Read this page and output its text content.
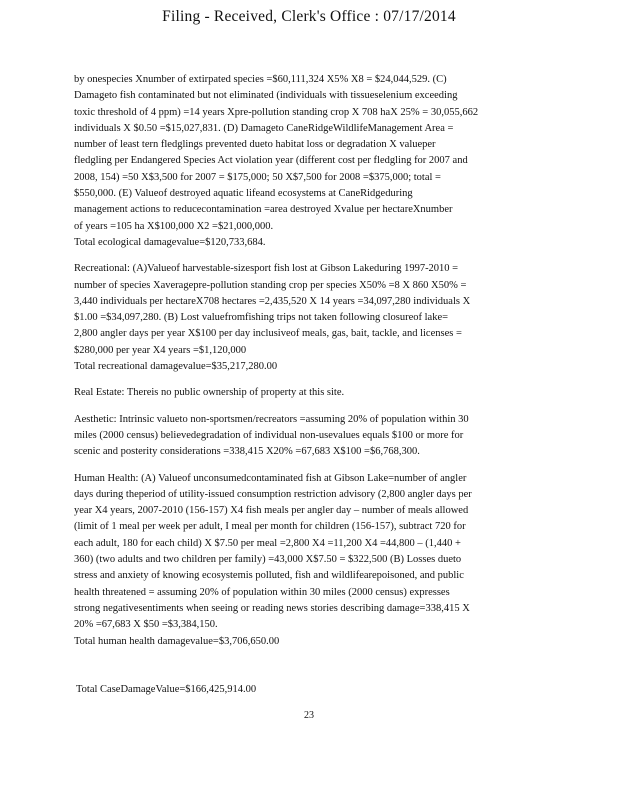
Filing - Received, Clerk's Office : 07/17/2014
by onespecies Xnumber of extirpated species =$60,111,324 X5% X8 = $24,044,529. (C)
Damageto fish contaminated but not eliminated (individuals with tissueselenium exceeding
toxic threshold of 4 ppm) =14 years Xpre-pollution standing crop X 708 haX 25% = 30,055,662
individuals X $0.50 =$15,027,831. (D) Damageto CaneRidgeWildlifeManagement Area =
number of least tern fledglings prevented dueto habitat loss or degradation X valueper
fledgling per Endangered Species Act violation year (different cost per fledgling for 2007 and
2008, 154) =50 X$3,500 for 2007 = $175,000; 50 X$7,500 for 2008 =$375,000; total =
$550,000. (E) Valueof destroyed aquatic lifeand ecosystems at CaneRidgeduring
management actions to reducecontamination =area destroyed Xvalue per hectareXnumber
of years =105 ha X$100,000 X2 =$21,000,000.
Total ecological damagevalue=$120,733,684.
Recreational: (A)Valueof harvestable-sizesport fish lost at Gibson Lakeduring 1997-2010 =
number of species Xaveragepre-pollution standing crop per species X50% =8 X 860 X50% =
3,440 individuals per hectareX708 hectares =2,435,520 X 14 years =34,097,280 individuals X
$1.00 =$34,097,280. (B) Lost valuefromfishing trips not taken following closureof lake=
2,800 angler days per year X$100 per day inclusiveof meals, gas, bait, tackle, and licenses =
$280,000 per year X4 years =$1,120,000
Total recreational damagevalue=$35,217,280.00
Real Estate: Thereis no public ownership of property at this site.
Aesthetic: Intrinsic valueto non-sportsmen/recreators =assuming 20% of population within 30
miles (2000 census) believedegradation of individual non-usevalues equals $100 or more for
scenic and posterity considerations =338,415 X20% =67,683 X$100 =$6,768,300.
Human Health: (A) Valueof unconsumedcontaminated fish at Gibson Lake=number of angler
days during theperiod of utility-issued consumption restriction advisory (2,800 angler days per
year X4 years, 2007-2010 (156-157) X4 fish meals per angler day – number of meals allowed
(limit of 1 meal per week per adult, I meal per month for children (156-157), subtract 720 for
each adult, 180 for each child) X $7.50 per meal =2,800 X4 =11,200 X4 =44,800 – (1,440 +
360) (two adults and two children per family) =43,000 X$7.50 = $322,500 (B) Losses dueto
stress and anxiety of knowing ecosystemis polluted, fish and wildlifearepoisoned, and public
health threatened = assuming 20% of population within 30 miles (2000 census) expresses
strong negativesentiments when seeing or reading news stories describing damage=338,415 X
20% =67,683 X $50 =$3,384,150.
Total human health damagevalue=$3,706,650.00
Total CaseDamageValue=$166,425,914.00
23
